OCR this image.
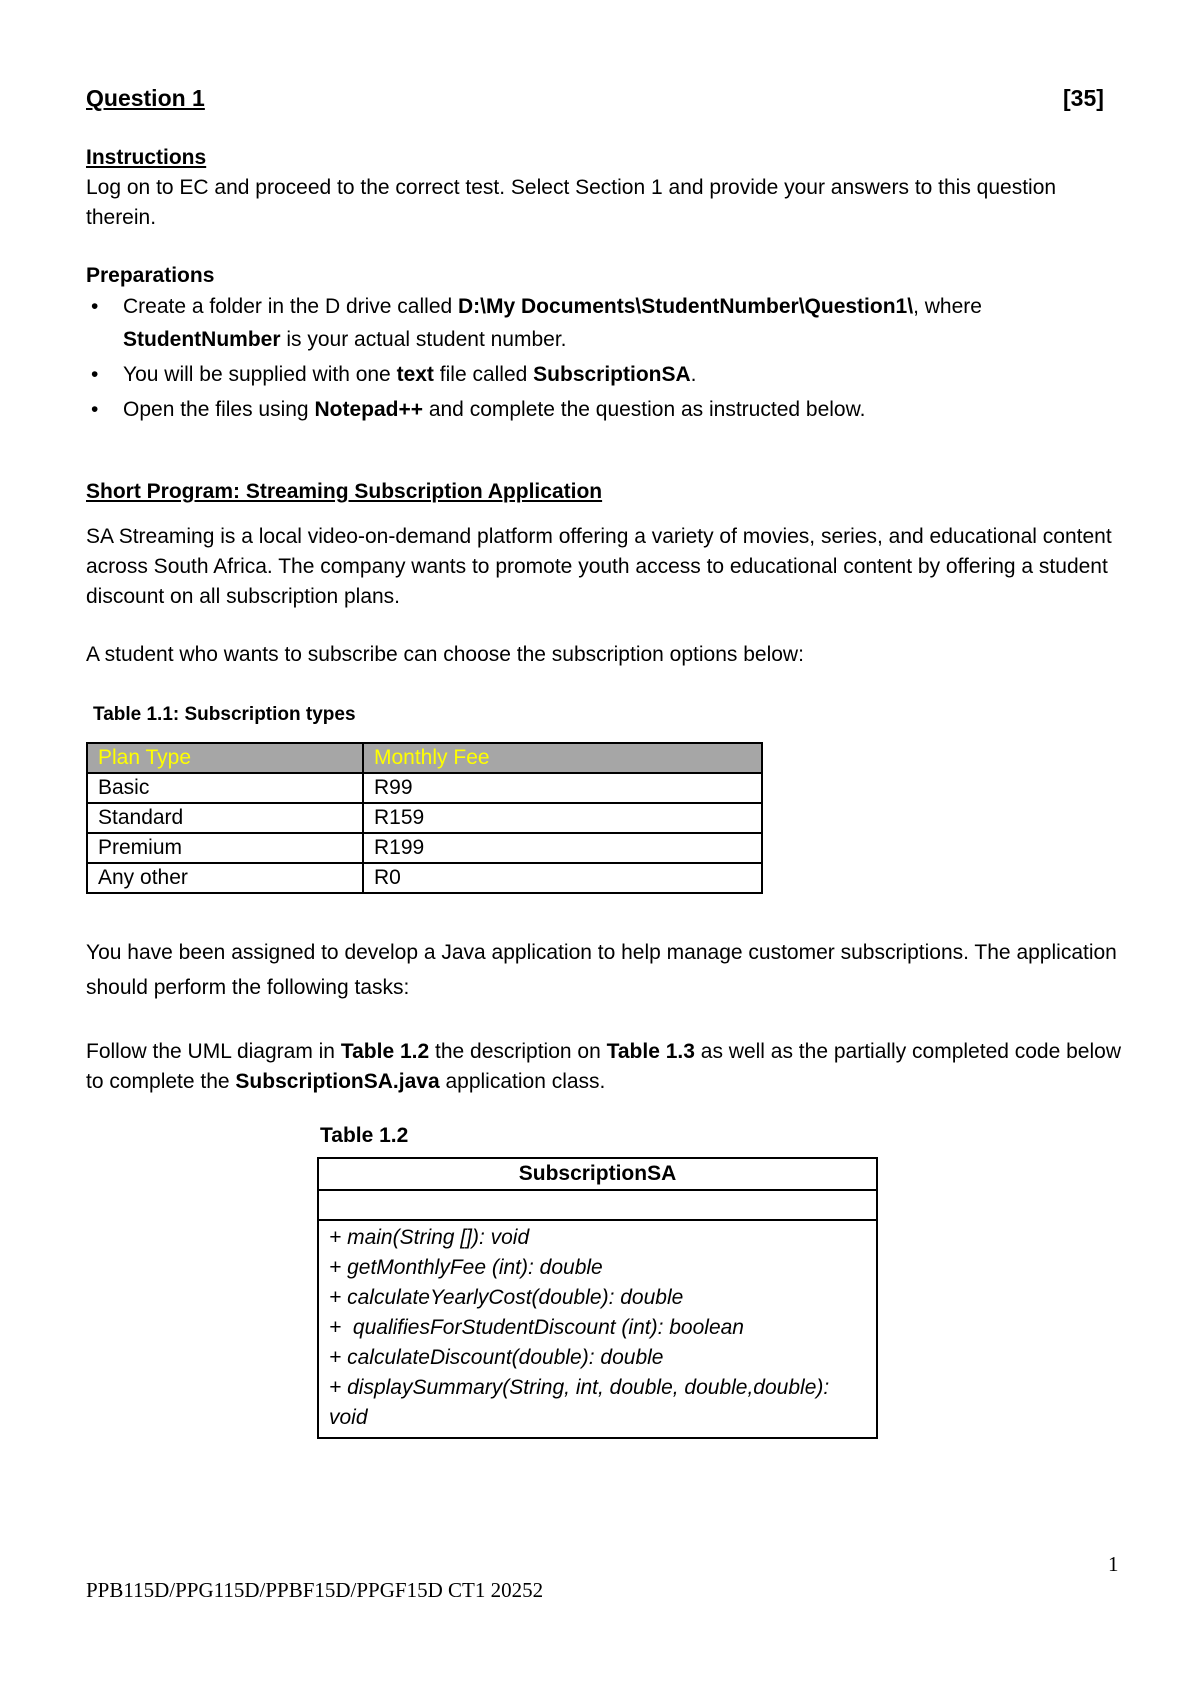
Question 1	[35]
Instructions
Log on to EC and proceed to the correct test. Select Section 1 and provide your answers to this question therein.
Preparations
• Create a folder in the D drive called D:\My Documents\StudentNumber\Question1\, where StudentNumber is your actual student number.
• You will be supplied with one text file called SubscriptionSA.
• Open the files using Notepad++ and complete the question as instructed below.
Short Program: Streaming Subscription Application
SA Streaming is a local video-on-demand platform offering a variety of movies, series, and educational content across South Africa. The company wants to promote youth access to educational content by offering a student discount on all subscription plans.
A student who wants to subscribe can choose the subscription options below:
Table 1.1: Subscription types
Plan Type	Monthly Fee
Basic	R99
Standard	R159
Premium	R199
Any other	R0
You have been assigned to develop a Java application to help manage customer subscriptions. The application should perform the following tasks:
Follow the UML diagram in Table 1.2 the description on Table 1.3 as well as the partially completed code below to complete the SubscriptionSA.java application class.
Table 1.2
SubscriptionSA
+ main(String []): void
+ getMonthlyFee (int): double
+ calculateYearlyCost(double): double
+  qualifiesForStudentDiscount (int): boolean
+ calculateDiscount(double): double
+ displaySummary(String, int, double, double,double):
void
1
PPB115D/PPG115D/PPBF15D/PPGF15D CT1 20252
